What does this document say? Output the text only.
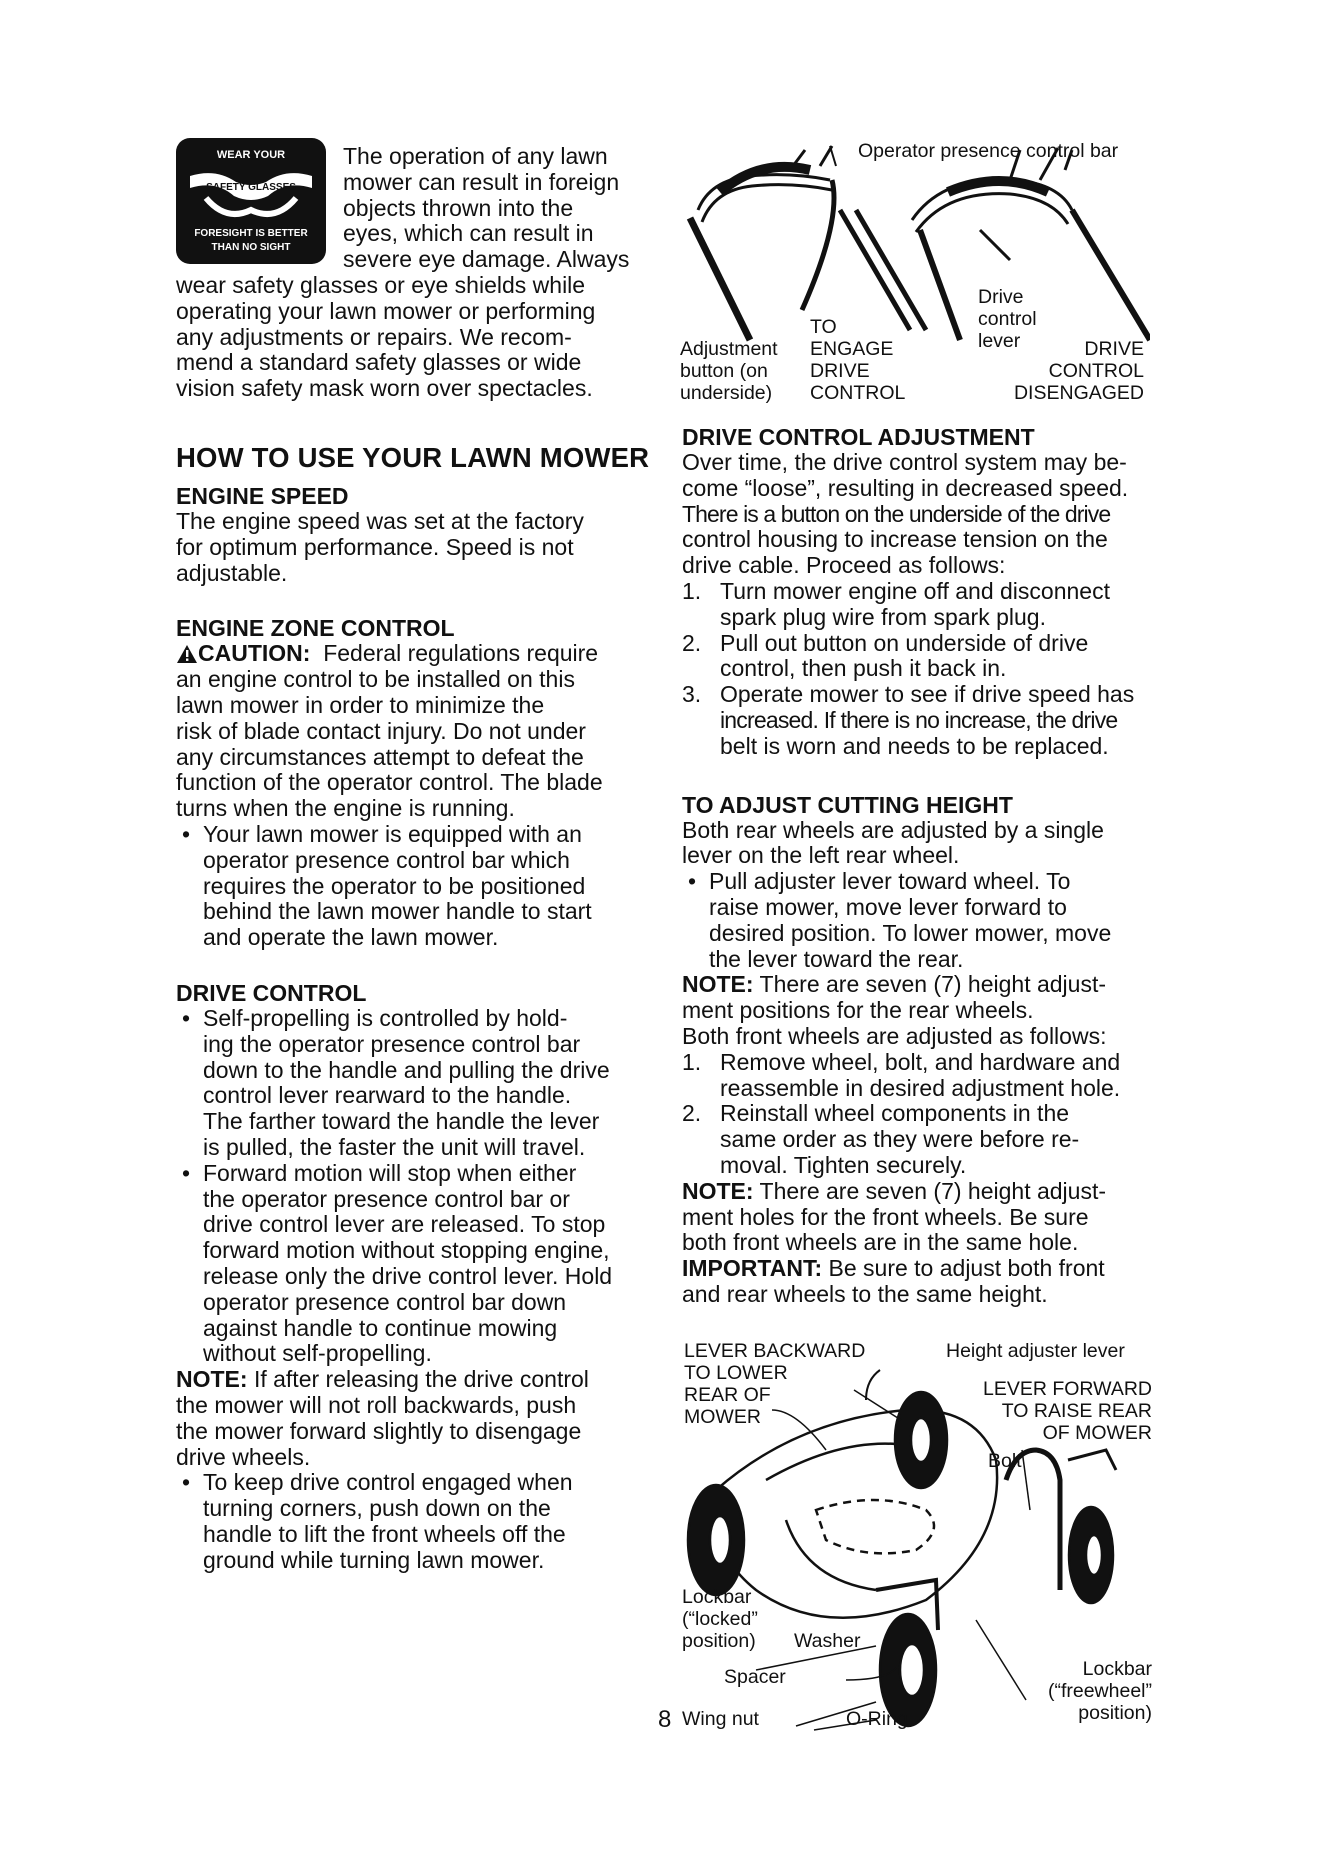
WEAR YOUR
SAFETY GLASSES
FORESIGHT IS BETTER
THAN NO SIGHT
The operation of any lawn
mower can result in foreign
objects thrown into the
eyes, which can result in
severe eye damage. Always
wear safety glasses or eye shields while
operating your lawn mower or performing
any adjustments or repairs. We recom-
mend a standard safety glasses or wide
vision safety mask worn over spectacles.
HOW TO USE YOUR LAWN MOWER
ENGINE SPEED
The engine speed was set at the factory
for optimum performance. Speed is not
adjustable.
ENGINE ZONE CONTROL
CAUTION: Federal regulations require
an engine control to be installed on this
lawn mower in order to minimize the
risk of blade contact injury. Do not under
any circumstances attempt to defeat the
function of the operator control. The blade
turns when the engine is running.
• Your lawn mower is equipped with an
operator presence control bar which
requires the operator to be positioned
behind the lawn mower handle to start
and operate the lawn mower.
DRIVE CONTROL
• Self-propelling is controlled by hold-
ing the operator presence control bar
down to the handle and pulling the drive
control lever rearward to the handle.
The farther toward the handle the lever
is pulled, the faster the unit will travel.
• Forward motion will stop when either
the operator presence control bar or
drive control lever are released. To stop
forward motion without stopping engine,
release only the drive control lever. Hold
operator presence control bar down
against handle to continue mowing
without self-propelling.
NOTE: If after releasing the drive control
the mower will not roll backwards, push
the mower forward slightly to disengage
drive wheels.
• To keep drive control engaged when
turning corners, push down on the
handle to lift the front wheels off the
ground while turning lawn mower.
Operator presence control bar
Adjustment
button (on
underside)
TO
ENGAGE
DRIVE
CONTROL
Drive
control
lever	DRIVE
CONTROL
DISENGAGED
DRIVE CONTROL ADJUSTMENT
Over time, the drive control system may be-
come “loose”, resulting in decreased speed.
There is a button on the underside of the drive
control housing to increase tension on the
drive cable. Proceed as follows:
1. Turn mower engine off and disconnect
spark plug wire from spark plug.
2. Pull out button on underside of drive
control, then push it back in.
3. Operate mower to see if drive speed has
increased. If there is no increase, the drive
belt is worn and needs to be replaced.
TO ADJUST CUTTING HEIGHT
Both rear wheels are adjusted by a single
lever on the left rear wheel.
• Pull adjuster lever toward wheel. To
raise mower, move lever forward to
desired position. To lower mower, move
the lever toward the rear.
NOTE: There are seven (7) height adjust-
ment positions for the rear wheels.
Both front wheels are adjusted as follows:
1. Remove wheel, bolt, and hardware and
reassemble in desired adjustment hole.
2. Reinstall wheel components in the
same order as they were before re-
moval. Tighten securely.
NOTE: There are seven (7) height adjust-
ment holes for the front wheels. Be sure
both front wheels are in the same hole.
IMPORTANT: Be sure to adjust both front
and rear wheels to the same height.
LEVER BACKWARD
TO LOWER
REAR OF
MOWER
Height adjuster lever
LEVER FORWARD
TO RAISE REAR
OF MOWER
Bolt
Lockbar
(“locked”
position) Washer
Spacer
Wing nut	O-Ring
Lockbar
(“freewheel”
position)
8
